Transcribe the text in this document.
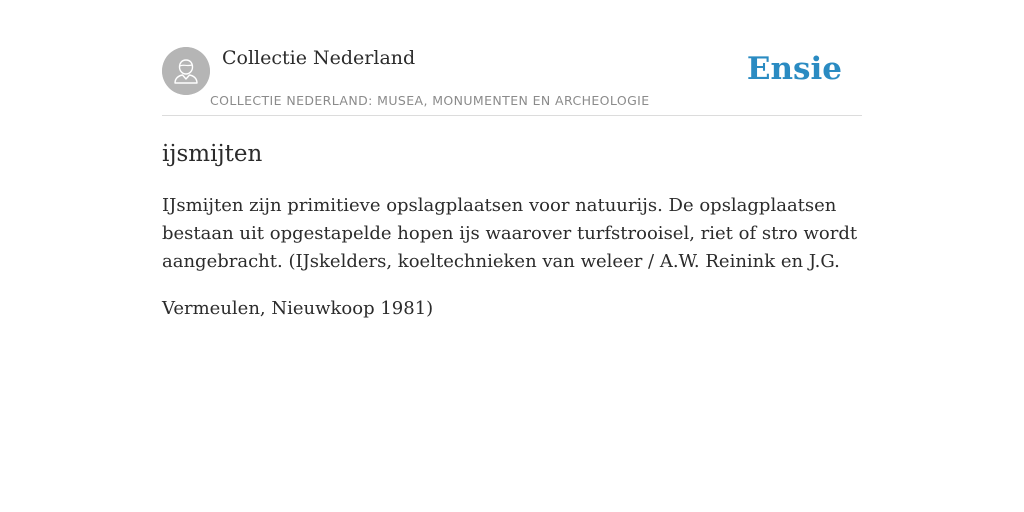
Collectie Nederland
COLLECTIE NEDERLAND: MUSEA, MONUMENTEN EN ARCHEOLOGIE
Ensie
ijsmijten

IJsmijten zijn primitieve opslagplaatsen voor natuurijs. De opslagplaatsen bestaan uit opgestapelde hopen ijs waarover turfstrooisel, riet of stro wordt aangebracht. (IJskelders, koeltechnieken van weleer / A.W. Reinink en J.G.

Vermeulen, Nieuwkoop 1981)
